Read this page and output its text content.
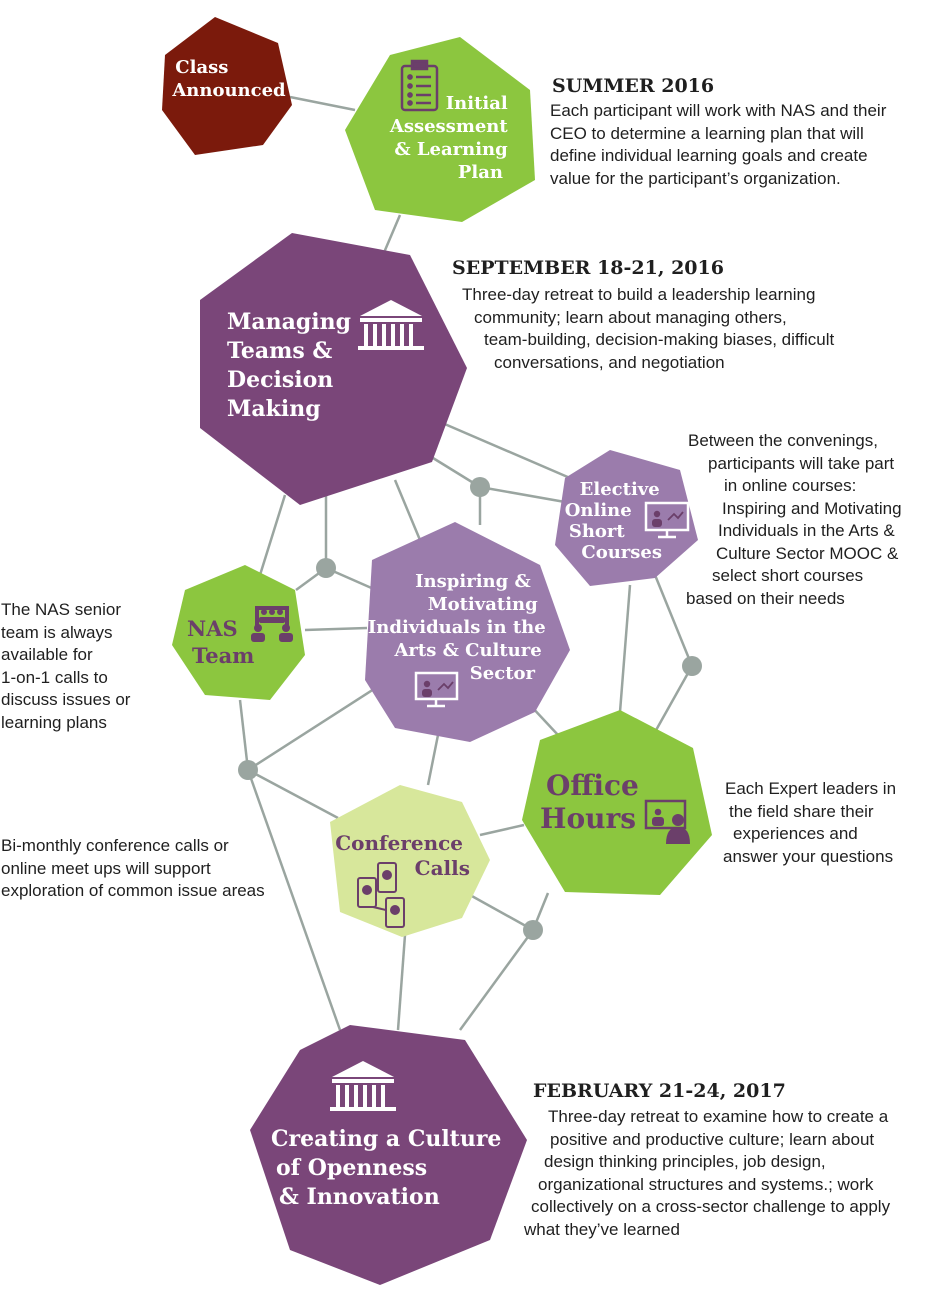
Class Announced
Initial Assessment & Learning Plan
Managing Teams & Decision Making
Elective Online Short Courses
Inspiring & Motivating Individuals in the Arts & Culture Sector
NAS Team
Office Hours
Conference Calls
Creating a Culture of Openness & Innovation
SUMMER 2016
Each participant will work with NAS and their
CEO to determine a learning plan that will
define individual learning goals and create
value for the participant’s organization.
SEPTEMBER 18-21, 2016
Three-day retreat to build a leadership learning
community; learn about managing others,
team-building, decision-making biases, difficult
conversations, and negotiation
Between the convenings,
participants will take part
in online courses:
Inspiring and Motivating
Individuals in the Arts &
Culture Sector MOOC &
select short courses
based on their needs
The NAS senior
team is always
available for
1-on-1 calls to
discuss issues or
learning plans
Each Expert leaders in
the field share their
experiences and
answer your questions
Bi-monthly conference calls or
online meet ups will support
exploration of common issue areas
FEBRUARY 21-24, 2017
Three-day retreat to examine how to create a
positive and productive culture; learn about
design thinking principles, job design,
organizational structures and systems.; work
collectively on a cross-sector challenge to apply
what they’ve learned
